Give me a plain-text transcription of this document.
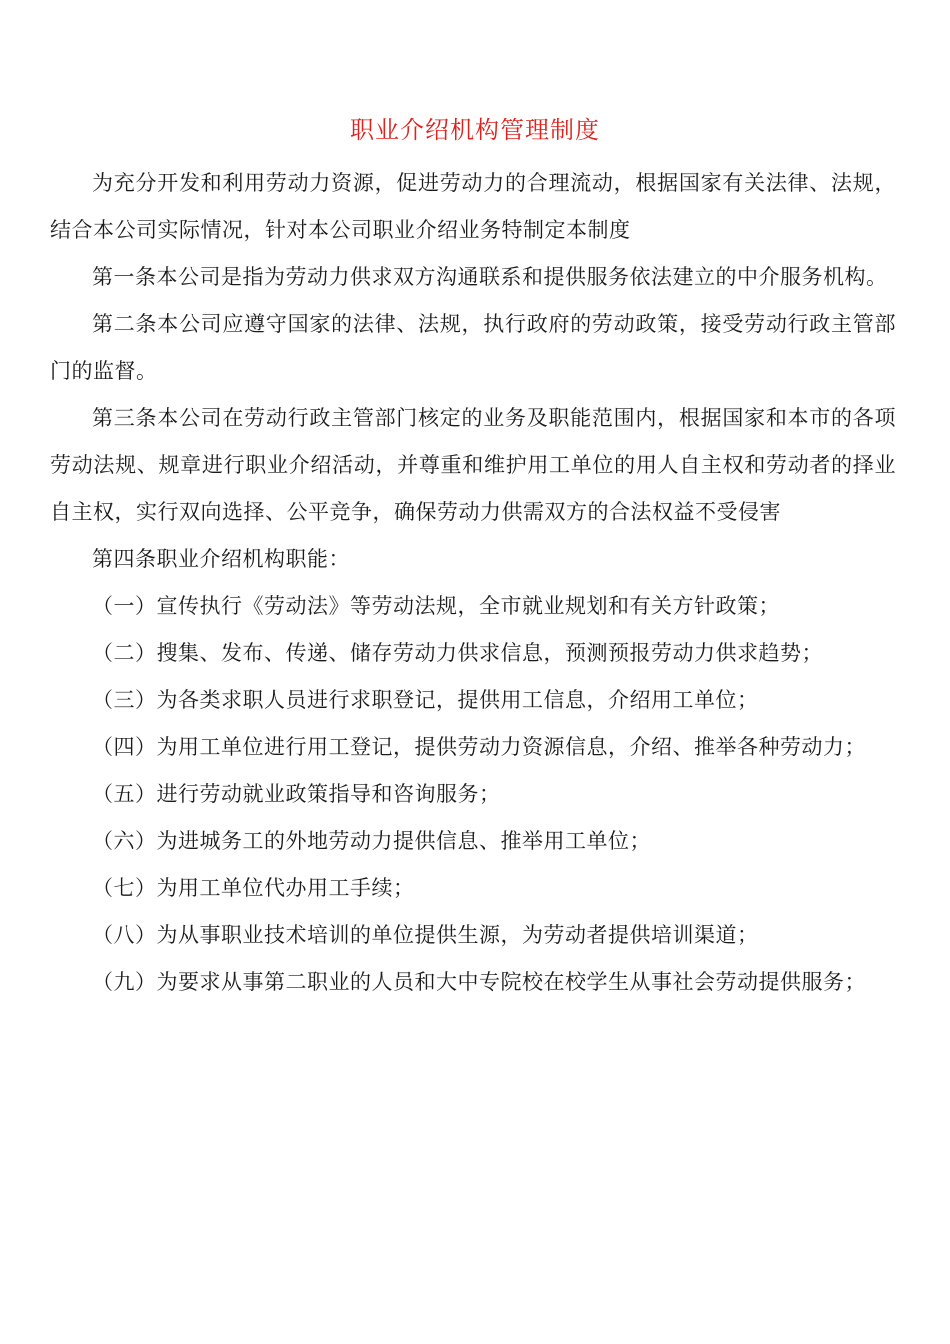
职业介绍机构管理制度

为充分开发和利用劳动力资源，促进劳动力的合理流动，根据国家有关法律、法规，结合本公司实际情况，针对本公司职业介绍业务特制定本制度

第一条本公司是指为劳动力供求双方沟通联系和提供服务依法建立的中介服务机构。

第二条本公司应遵守国家的法律、法规，执行政府的劳动政策，接受劳动行政主管部门的监督。

第三条本公司在劳动行政主管部门核定的业务及职能范围内，根据国家和本市的各项劳动法规、规章进行职业介绍活动，并尊重和维护用工单位的用人自主权和劳动者的择业自主权，实行双向选择、公平竞争，确保劳动力供需双方的合法权益不受侵害

第四条职业介绍机构职能：

（一）宣传执行《劳动法》等劳动法规，全市就业规划和有关方针政策；

（二）搜集、发布、传递、储存劳动力供求信息，预测预报劳动力供求趋势；

（三）为各类求职人员进行求职登记，提供用工信息，介绍用工单位；

（四）为用工单位进行用工登记，提供劳动力资源信息，介绍、推举各种劳动力；

（五）进行劳动就业政策指导和咨询服务；

（六）为进城务工的外地劳动力提供信息、推举用工单位；

（七）为用工单位代办用工手续；

（八）为从事职业技术培训的单位提供生源，为劳动者提供培训渠道；

（九）为要求从事第二职业的人员和大中专院校在校学生从事社会劳动提供服务；
